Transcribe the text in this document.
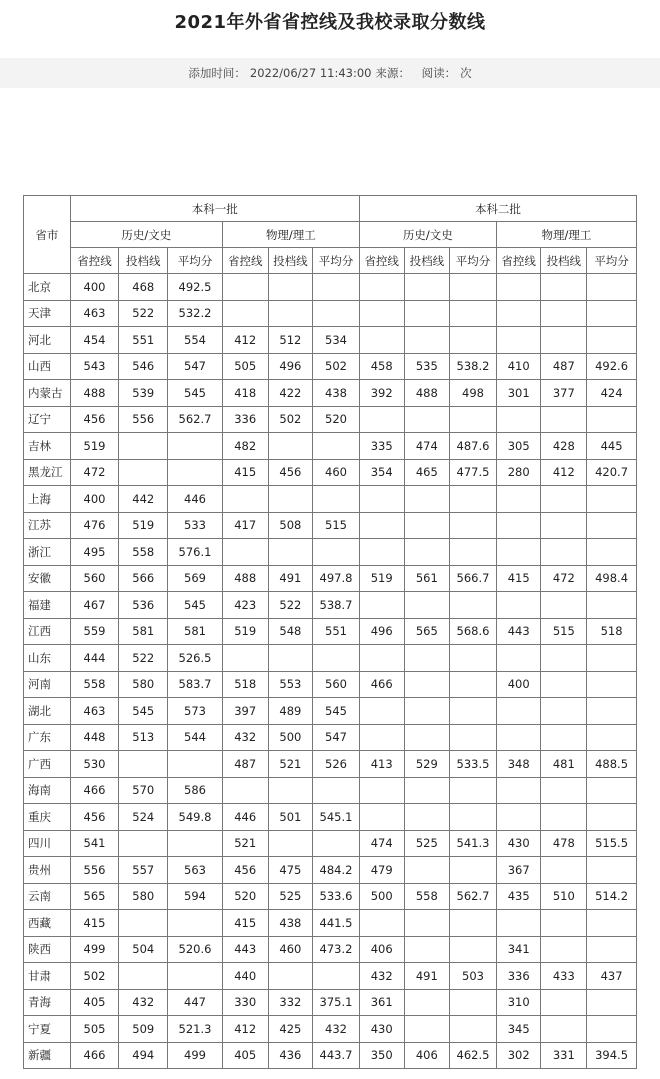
2021年外省省控线及我校录取分数线
添加时间： 2022/06/27 11:43:00 来源：
阅读： 次
省市	本科一批						本科二批					
	历史/文史			物理/理工			历史/文史			物理/理工		
	省控线	投档线	平均分	省控线	投档线	平均分	省控线	投档线	平均分	省控线	投档线	平均分
北京	400	468	492.5									
天津	463	522	532.2									
河北	454	551	554	412	512	534						
山西	543	546	547	505	496	502	458	535	538.2	410	487	492.6
内蒙古	488	539	545	418	422	438	392	488	498	301	377	424
辽宁	456	556	562.7	336	502	520						
吉林	519			482			335	474	487.6	305	428	445
黑龙江	472			415	456	460	354	465	477.5	280	412	420.7
上海	400	442	446									
江苏	476	519	533	417	508	515						
浙江	495	558	576.1									
安徽	560	566	569	488	491	497.8	519	561	566.7	415	472	498.4
福建	467	536	545	423	522	538.7						
江西	559	581	581	519	548	551	496	565	568.6	443	515	518
山东	444	522	526.5									
河南	558	580	583.7	518	553	560	466			400		
湖北	463	545	573	397	489	545						
广东	448	513	544	432	500	547						
广西	530			487	521	526	413	529	533.5	348	481	488.5
海南	466	570	586									
重庆	456	524	549.8	446	501	545.1						
四川	541			521			474	525	541.3	430	478	515.5
贵州	556	557	563	456	475	484.2	479			367		
云南	565	580	594	520	525	533.6	500	558	562.7	435	510	514.2
西藏	415			415	438	441.5						
陕西	499	504	520.6	443	460	473.2	406			341		
甘肃	502			440			432	491	503	336	433	437
青海	405	432	447	330	332	375.1	361			310		
宁夏	505	509	521.3	412	425	432	430			345		
新疆	466	494	499	405	436	443.7	350	406	462.5	302	331	394.5
